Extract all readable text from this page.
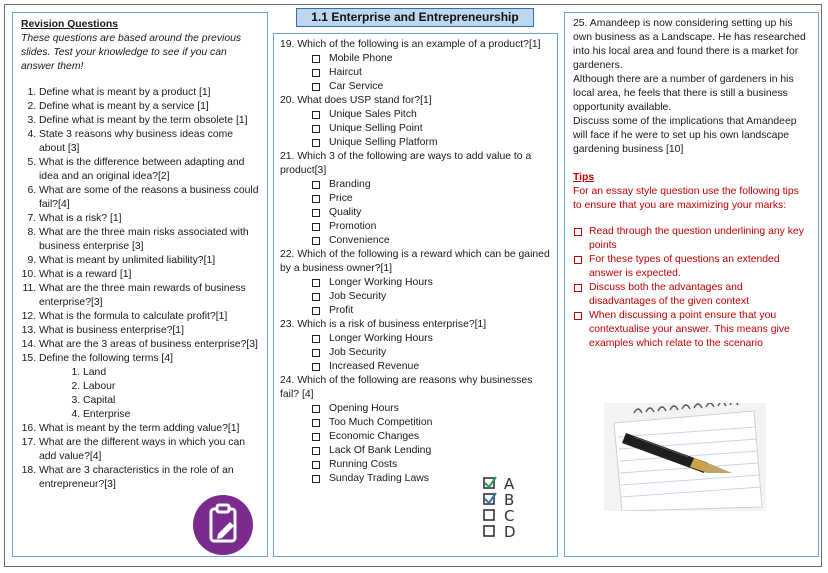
1.1 Enterprise and Entrepreneurship
Revision Questions
These questions are based around the previous slides. Test your knowledge to see if you can answer them!
1. Define what is meant by a product [1]
2. Define what is meant by a service [1]
3. Define what is meant by the term obsolete [1]
4. State 3 reasons why business ideas come about [3]
5. What is the difference between adapting and idea and an original idea?[2]
6. What are some of the reasons a business could fail?[4]
7. What is a risk? [1]
8. What are the three main risks associated with business enterprise [3]
9. What is meant by unlimited liability?[1]
10. What is a reward [1]
11. What are the three main rewards of business enterprise?[3]
12. What is the formula to calculate profit?[1]
13. What is business enterprise?[1]
14. What are the 3 areas of business enterprise?[3]
15. Define the following terms [4]
1. Land
2. Labour
3. Capital
4. Enterprise
16. What is meant by the term adding value?[1]
17. What are the different ways in which you can add value?[4]
18. What are 3 characteristics in the role of an entrepreneur?[3]
19. Which of the following is an example of a product?[1]
Mobile Phone
Haircut
Car Service
20. What does USP stand for?[1]
Unique Sales Pitch
Unique Selling Point
Unique Selling Platform
21. Which 3 of the following are ways to add value to a product[3]
Branding
Price
Quality
Promotion
Convenience
22. Which of the following is a reward which can be gained by a business owner?[1]
Longer Working Hours
Job Security
Profit
23. Which is a risk of business enterprise?[1]
Longer Working Hours
Job Security
Increased Revenue
24. Which of the following are reasons why businesses fail? [4]
Opening Hours
Too Much Competition
Economic Changes
Lack Of Bank Lending
Running Costs
Sunday Trading Laws	A
B
C
D
25. Amandeep is now considering setting up his own business as a Landscape. He has researched into his local area and found there is a market for gardeners.
Although there are a number of gardeners in his local area, he feels that there is still a business opportunity available.
Discuss some of the implications that Amandeep will face if he were to set up his own landscape gardening business [10]
Tips
For an essay style question use the following tips to ensure that you are maximizing your marks:
Read through the question underlining any key points
For these types of questions an extended answer is expected.
Discuss both the advantages and disadvantages of the given context
When discussing a point ensure that you contextualise your answer. This means give examples which relate to the scenario
